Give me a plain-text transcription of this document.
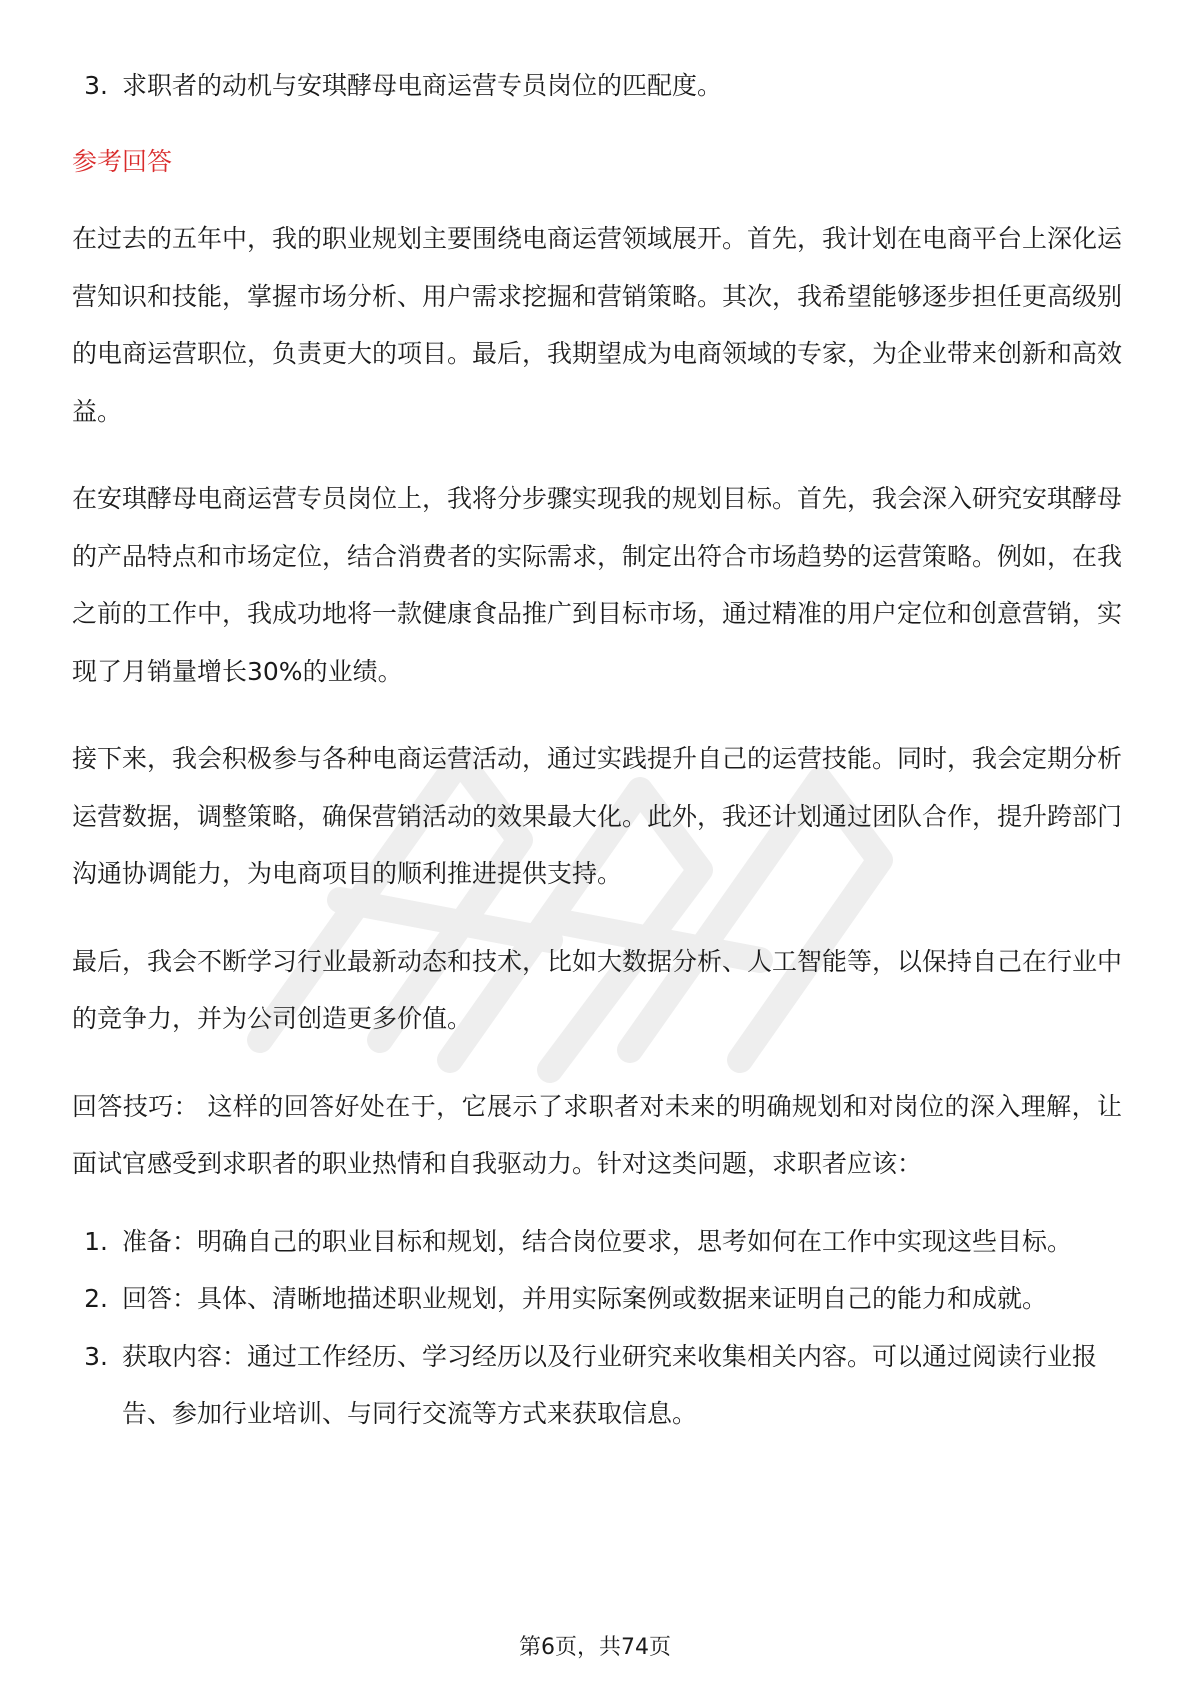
3. 求职者的动机与安琪酵母电商运营专员岗位的匹配度。
参考回答

在过去的五年中，我的职业规划主要围绕电商运营领域展开。首先，我计划在电商平台上深化运营知识和技能，掌握市场分析、用户需求挖掘和营销策略。其次，我希望能够逐步担任更高级别的电商运营职位，负责更大的项目。最后，我期望成为电商领域的专家，为企业带来创新和高效益。

在安琪酵母电商运营专员岗位上，我将分步骤实现我的规划目标。首先，我会深入研究安琪酵母的产品特点和市场定位，结合消费者的实际需求，制定出符合市场趋势的运营策略。例如，在我之前的工作中，我成功地将一款健康食品推广到目标市场，通过精准的用户定位和创意营销，实现了月销量增长30%的业绩。

接下来，我会积极参与各种电商运营活动，通过实践提升自己的运营技能。同时，我会定期分析运营数据，调整策略，确保营销活动的效果最大化。此外，我还计划通过团队合作，提升跨部门沟通协调能力，为电商项目的顺利推进提供支持。

最后，我会不断学习行业最新动态和技术，比如大数据分析、人工智能等，以保持自己在行业中的竞争力，并为公司创造更多价值。

回答技巧： 这样的回答好处在于，它展示了求职者对未来的明确规划和对岗位的深入理解，让面试官感受到求职者的职业热情和自我驱动力。针对这类问题，求职者应该：

1. 准备：明确自己的职业目标和规划，结合岗位要求，思考如何在工作中实现这些目标。
2. 回答：具体、清晰地描述职业规划，并用实际案例或数据来证明自己的能力和成就。
3. 获取内容：通过工作经历、学习经历以及行业研究来收集相关内容。可以通过阅读行业报告、参加行业培训、与同行交流等方式来获取信息。
第6页，共74页
